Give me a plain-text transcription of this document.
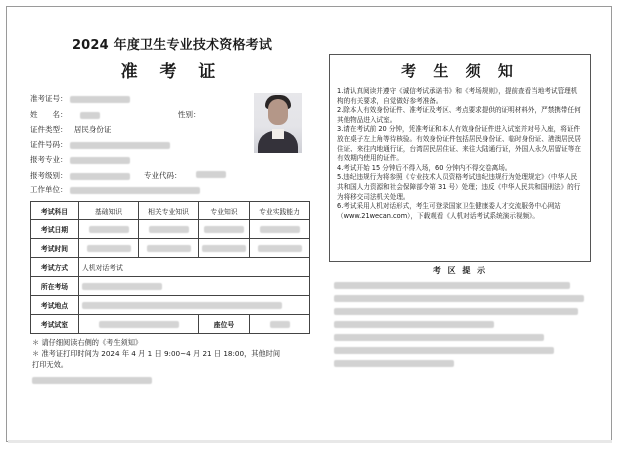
2024 年度卫生专业技术资格考试
准 考 证
准考证号：
姓　　名：	性别：
证件类型： 居民身份证
证件号码：
报考专业：
报考级别：	专业代码：
工作单位：
考试科目	基础知识	相关专业知识	专业知识	专业实践能力
考试日期	

考试时间	

考试方式	人机对话考试			
所在考场				

考试地点				

考试试室			座位号	
＊ 请仔细阅读右侧的《考生须知》
＊ 准考证打印时间为 2024 年 4 月 1 日 9:00~4 月 21 日 18:00，其他时间
打印无效。
考 生 须 知

1.请认真阅读并遵守《诚信考试承诺书》和《考场规则》，提前查看当地考试管理机构的有关要求，自觉做好参考准备。

2.除本人有效身份证件、准考证及考区、考点要求提供的证明材料外，严禁携带任何其他物品进入试室。

3.请在考试前 20 分钟，凭准考证和本人有效身份证件进入试室并对号入座，将证件放在桌子左上角等待核验。有效身份证件包括居民身份证、临时身份证、港澳居民居住证、来往内地通行证，台湾居民居住证、来往大陆通行证，外国人永久居留证等在有效期内使用的证件。

4.考试开始 15 分钟后不得入场，60 分钟内不得交卷离场。

5.违纪违规行为将参照《专业技术人员资格考试违纪违规行为处理规定》（中华人民共和国人力资源和社会保障部令第 31 号）处理；违反《中华人民共和国刑法》的行为将移交司法机关处理。

6.考试采用人机对话形式，考生可登录国家卫生健康委人才交流服务中心网站（www.21wecan.com），下载观看《人机对话考试系统演示视频》。

考 区 提 示
